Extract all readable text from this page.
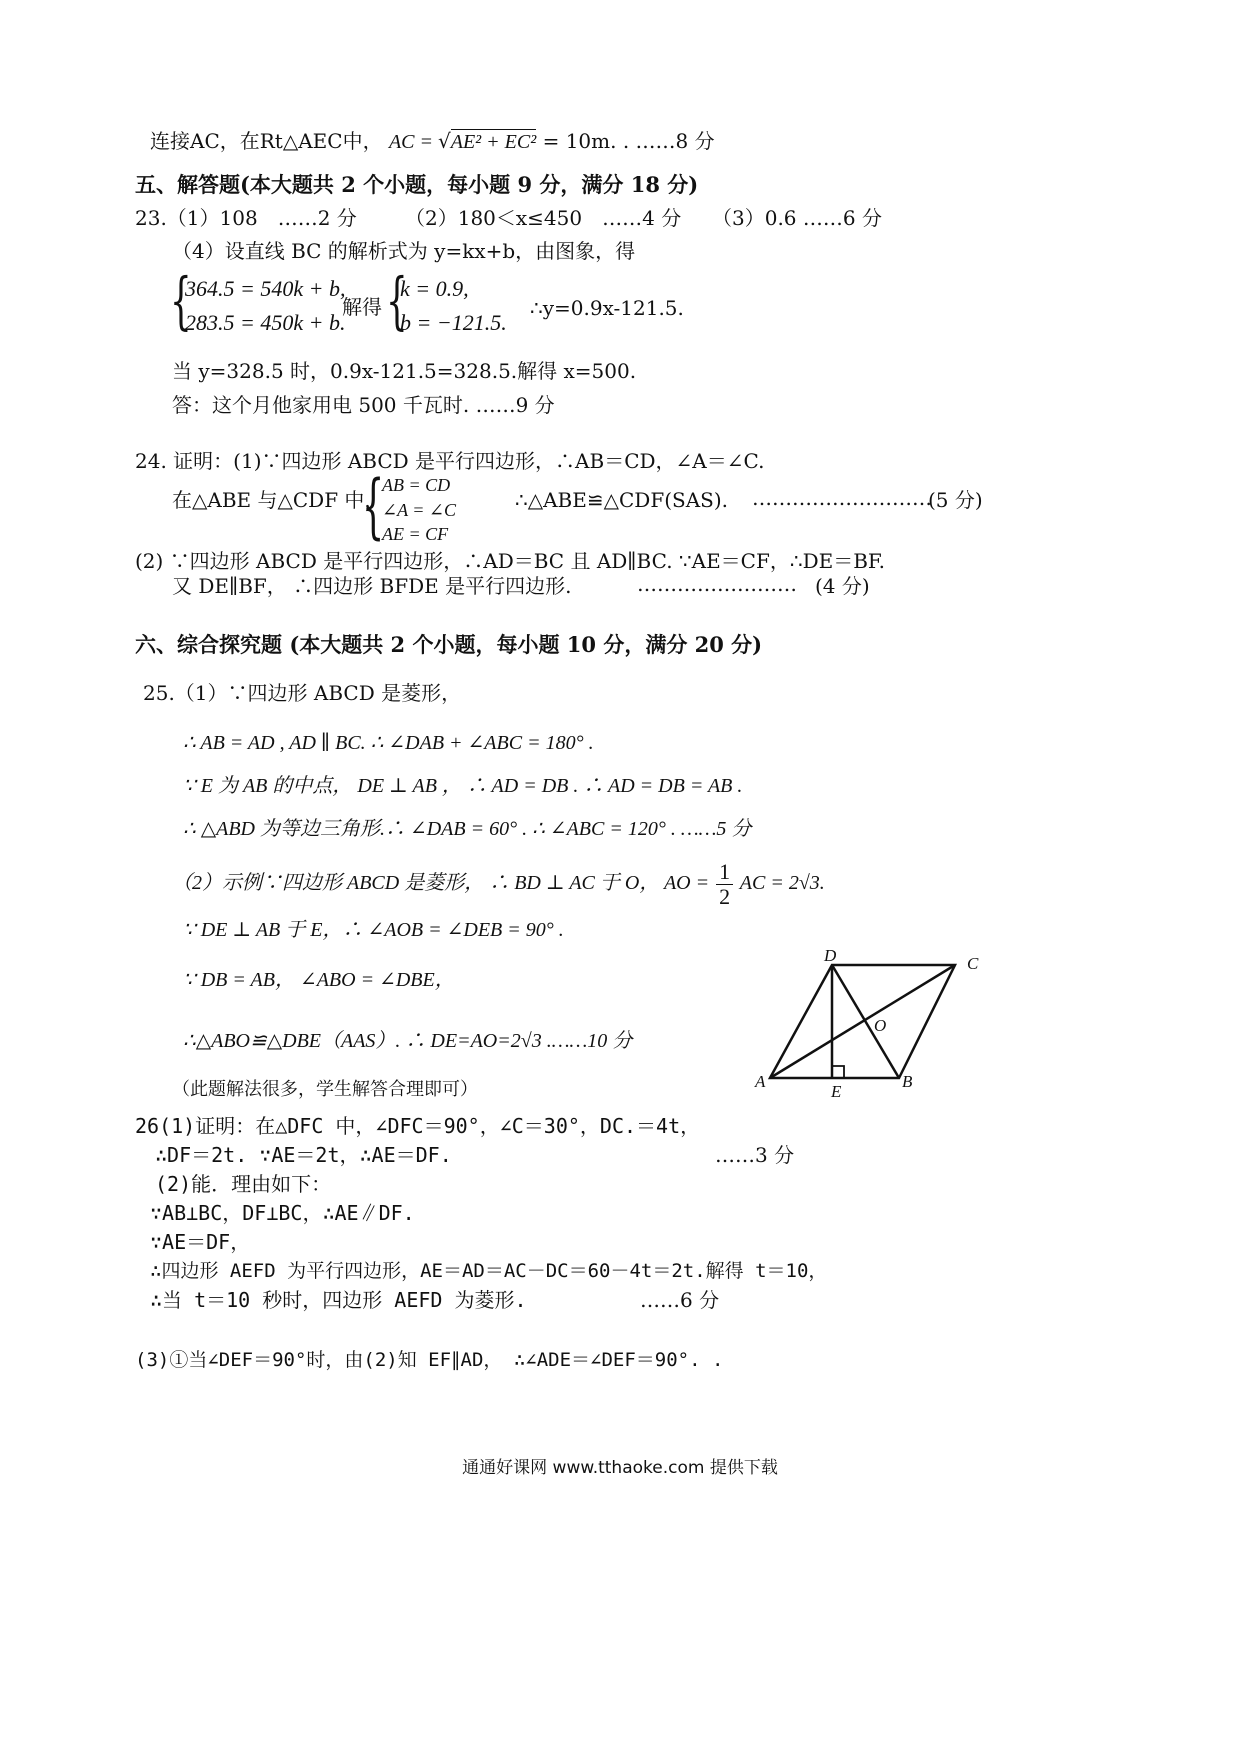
连接AC，在Rt△AEC中， AC = √AE² + EC² = 10m. . ……8 分
五、解答题(本大题共 2 个小题，每小题 9 分，满分 18 分)
23.（1）108　……2 分 （2）180＜x≤450　……4 分 （3）0.6 ……6 分
（4）设直线 BC 的解析式为 y=kx+b，由图象，得
{
364.5 = 540k + b,
283.5 = 450k + b.
解得 {
k = 0.9,
b = −121.5.
∴y=0.9x-121.5.
当 y=328.5 时，0.9x-121.5=328.5.解得 x=500.
答：这个月他家用电 500 千瓦时. ……9 分
24. 证明：(1)∵四边形 ABCD 是平行四边形，∴AB＝CD，∠A＝∠C.
在△ABE 与△CDF 中，
{
AB = CD
∠A = ∠C
AE = CF
∴△ABE≌△CDF(SAS). ………………………
(5 分)
(2) ∵四边形 ABCD 是平行四边形，∴AD＝BC 且 AD∥BC. ∵AE＝CF，∴DE＝BF.
又 DE∥BF， ∴四边形 BFDE 是平行四边形.	…………………… (4 分)
六、综合探究题 (本大题共 2 个小题，每小题 10 分，满分 20 分)
25.（1）∵四边形 ABCD 是菱形，
∴ AB = AD , AD ∥ BC. ∴ ∠DAB + ∠ABC = 180° .
∵ E 为 AB 的中点， DE ⊥ AB ， ∴ AD = DB . ∴ AD = DB = AB .
∴ △ABD 为等边三角形.∴ ∠DAB = 60° . ∴ ∠ABC = 120° . ……5 分
（2）示例∵四边形 ABCD 是菱形， ∴ BD ⊥ AC 于 O， AO = $\frac{1}{2}$ AC = 2√3.
∵ DE ⊥ AB 于 E，∴ ∠AOB = ∠DEB = 90° .
∵ DB = AB， ∠ABO = ∠DBE，
∴△ABO≌△DBE（AAS）. ∴ DE=AO=2√3 .……10 分
（此题解法很多，学生解答合理即可）
D	C
O
A
E
B
26(1)证明：在△DFC 中，∠DFC＝90°，∠C＝30°，DC.＝4t，
∴DF＝2t. ∵AE＝2t，∴AE＝DF.	……3 分
(2)能．理由如下：
∵AB⊥BC，DF⊥BC，∴AE∥DF.
∵AE＝DF，
∴四边形 AEFD 为平行四边形，AE＝AD＝AC－DC＝60－4t＝2t.解得 t＝10，
∴当 t＝10 秒时，四边形 AEFD 为菱形.	……6 分
(3)①当∠DEF＝90°时，由(2)知 EF∥AD， ∴∠ADE＝∠DEF＝90°. .
通通好课网 www.tthaoke.com 提供下载
